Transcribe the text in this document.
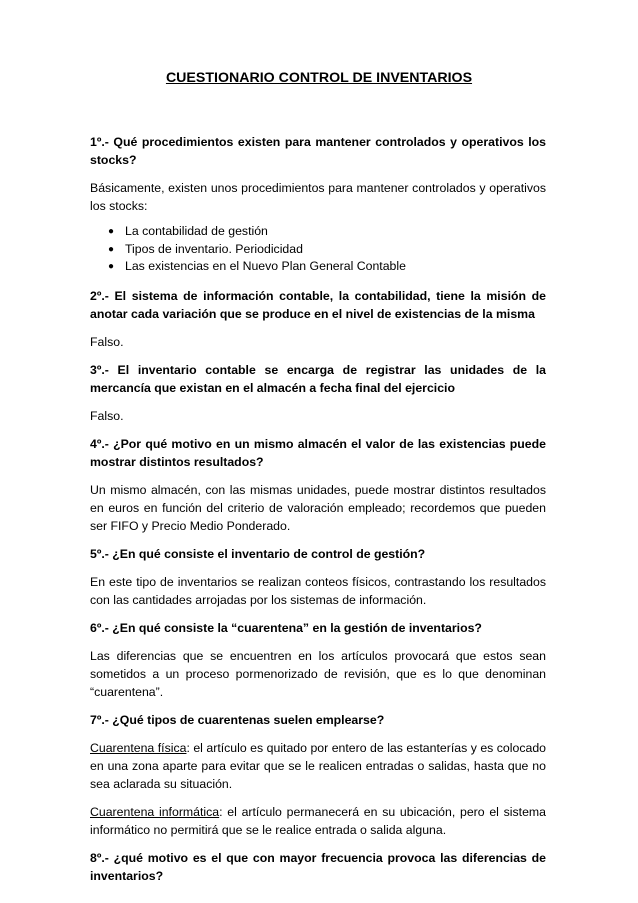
CUESTIONARIO CONTROL DE INVENTARIOS

1º.- Qué procedimientos existen para mantener controlados y operativos los stocks?

Básicamente, existen unos procedimientos para mantener controlados y operativos los stocks:

● La contabilidad de gestión
● Tipos de inventario. Periodicidad
● Las existencias en el Nuevo Plan General Contable

2º.- El sistema de información contable, la contabilidad, tiene la misión de anotar cada variación que se produce en el nivel de existencias de la misma

Falso.

3º.- El inventario contable se encarga de registrar las unidades de la mercancía que existan en el almacén a fecha final del ejercicio

Falso.

4º.- ¿Por qué motivo en un mismo almacén el valor de las existencias puede mostrar distintos resultados?

Un mismo almacén, con las mismas unidades, puede mostrar distintos resultados en euros en función del criterio de valoración empleado; recordemos que pueden ser FIFO y Precio Medio Ponderado.

5º.- ¿En qué consiste el inventario de control de gestión?

En este tipo de inventarios se realizan conteos físicos, contrastando los resultados con las cantidades arrojadas por los sistemas de información.

6º.- ¿En qué consiste la “cuarentena” en la gestión de inventarios?

Las diferencias que se encuentren en los artículos provocará que estos sean sometidos a un proceso pormenorizado de revisión, que es lo que denominan “cuarentena”.

7º.- ¿Qué tipos de cuarentenas suelen emplearse?

Cuarentena física: el artículo es quitado por entero de las estanterías y es colocado en una zona aparte para evitar que se le realicen entradas o salidas, hasta que no sea aclarada su situación.

Cuarentena informática: el artículo permanecerá en su ubicación, pero el sistema informático no permitirá que se le realice entrada o salida alguna.

8º.- ¿qué motivo es el que con mayor frecuencia provoca las diferencias de inventarios?
